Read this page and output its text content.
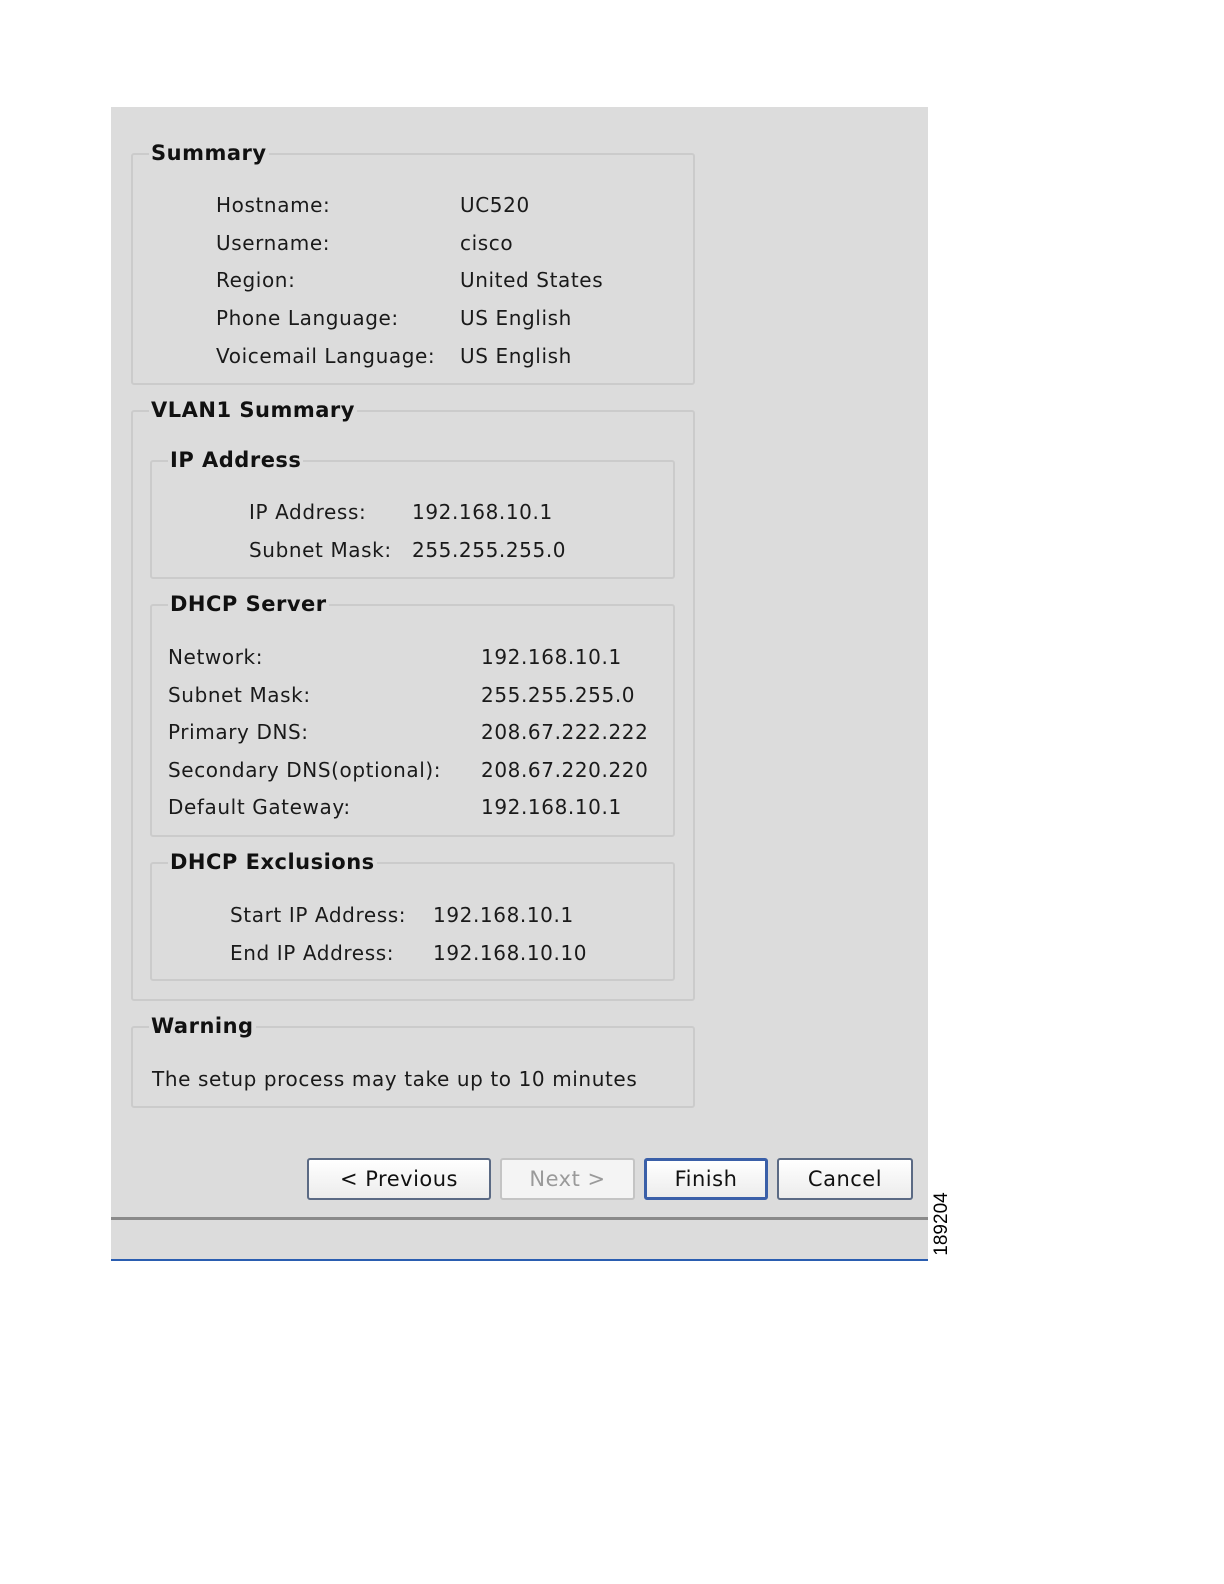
Summary
Hostname:	UC520
Username:	cisco
Region:	United States
Phone Language:	US English
Voicemail Language: US English
VLAN1 Summary
IP Address
IP Address: 192.168.10.1
Subnet Mask: 255.255.255.0
DHCP Server
Network:	192.168.10.1
Subnet Mask:	255.255.255.0
Primary DNS:	208.67.222.222
Secondary DNS(optional): 208.67.220.220
Default Gateway:	192.168.10.1
DHCP Exclusions
Start IP Address: 192.168.10.1
End IP Address: 192.168.10.10
Warning
The setup process may take up to 10 minutes
< Previous	Next >	Finish	Cancel
189204
